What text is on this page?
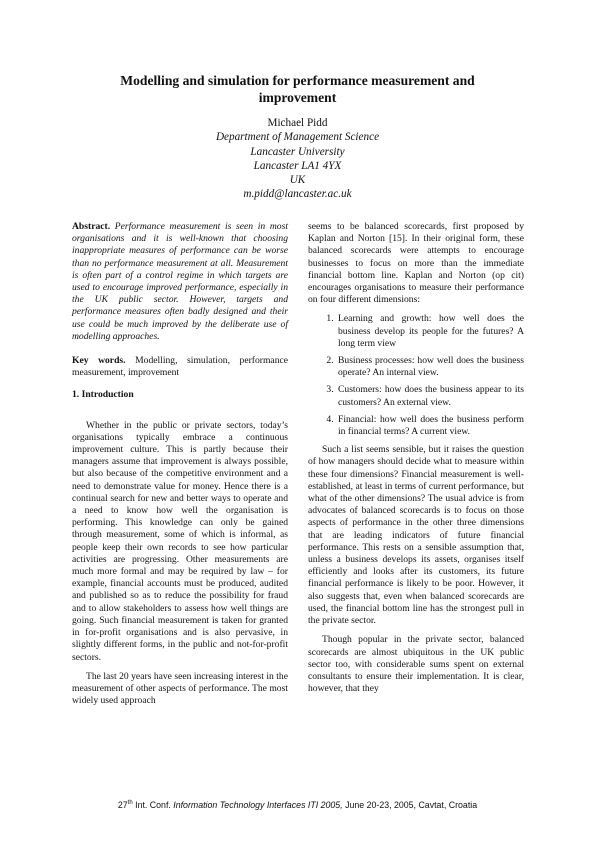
Modelling and simulation for performance measurement and improvement
Michael Pidd
Department of Management Science
Lancaster University
Lancaster LA1 4YX
UK
m.pidd@lancaster.ac.uk

Abstract. Performance measurement is seen in most organisations and it is well-known that choosing inappropriate measures of performance can be worse than no performance measurement at all. Measurement is often part of a control regime in which targets are used to encourage improved performance, especially in the UK public sector. However, targets and performance measures often badly designed and their use could be much improved by the deliberate use of modelling approaches.

Key words. Modelling, simulation, performance measurement, improvement

1. Introduction

Whether in the public or private sectors, today’s organisations typically embrace a continuous improvement culture. This is partly because their managers assume that improvement is always possible, but also because of the competitive environment and a need to demonstrate value for money. Hence there is a continual search for new and better ways to operate and a need to know how well the organisation is performing. This knowledge can only be gained through measurement, some of which is informal, as people keep their own records to see how particular activities are progressing. Other measurements are much more formal and may be required by law – for example, financial accounts must be produced, audited and published so as to reduce the possibility for fraud and to allow stakeholders to assess how well things are going. Such financial measurement is taken for granted in for-profit organisations and is also pervasive, in slightly different forms, in the public and not-for-profit sectors.

The last 20 years have seen increasing interest in the measurement of other aspects of performance. The most widely used approach

seems to be balanced scorecards, first proposed by Kaplan and Norton [15]. In their original form, these balanced scorecards were attempts to encourage businesses to focus on more than the immediate financial bottom line. Kaplan and Norton (op cit) encourages organisations to measure their performance on four different dimensions:

1. Learning and growth: how well does the business develop its people for the futures? A long term view
2. Business processes: how well does the business operate? An internal view.
3. Customers: how does the business appear to its customers? An external view.
4. Financial: how well does the business perform in financial terms? A current view.

Such a list seems sensible, but it raises the question of how managers should decide what to measure within these four dimensions? Financial measurement is well-established, at least in terms of current performance, but what of the other dimensions? The usual advice is from advocates of balanced scorecards is to focus on those aspects of performance in the other three dimensions that are leading indicators of future financial performance. This rests on a sensible assumption that, unless a business develops its assets, organises itself efficiently and looks after its customers, its future financial performance is likely to be poor. However, it also suggests that, even when balanced scorecards are used, the financial bottom line has the strongest pull in the private sector.

Though popular in the private sector, balanced scorecards are almost ubiquitous in the UK public sector too, with considerable sums spent on external consultants to ensure their implementation. It is clear, however, that they

27th Int. Conf. Information Technology Interfaces ITI 2005, June 20-23, 2005, Cavtat, Croatia
